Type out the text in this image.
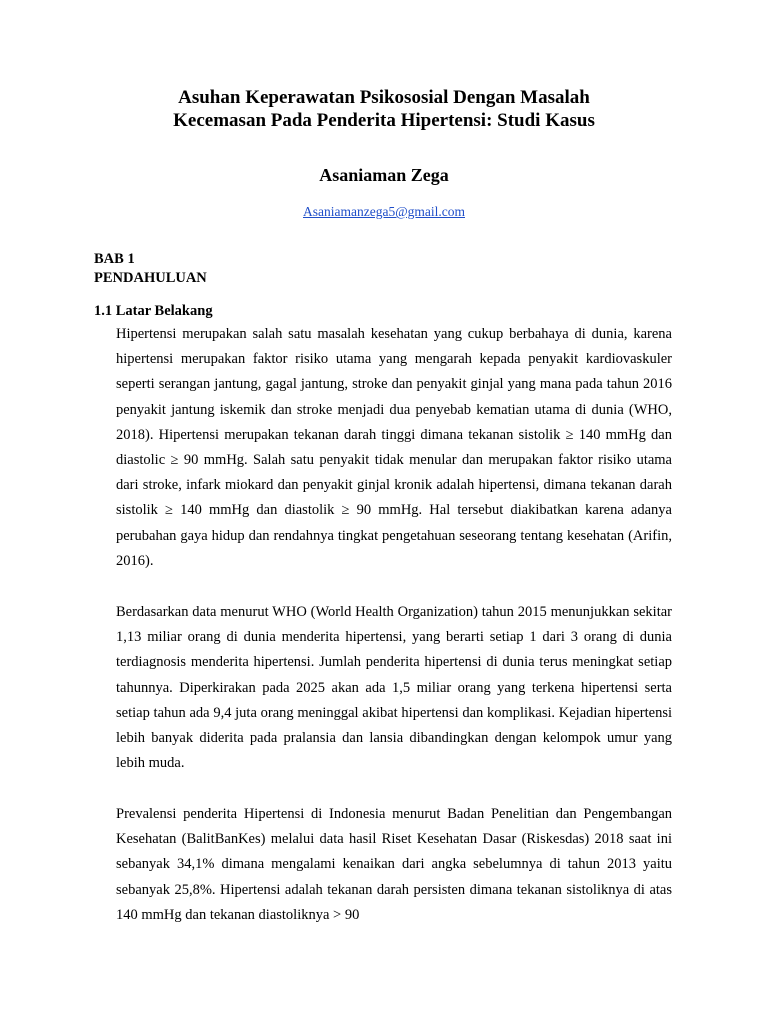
Asuhan Keperawatan Psikososial Dengan Masalah
Kecemasan Pada Penderita Hipertensi: Studi Kasus

Asaniaman Zega

Asaniamanzega5@gmail.com

BAB 1
PENDAHULUAN
1.1 Latar Belakang

Hipertensi merupakan salah satu masalah kesehatan yang cukup berbahaya di dunia, karena hipertensi merupakan faktor risiko utama yang mengarah kepada penyakit kardiovaskuler seperti serangan jantung, gagal jantung, stroke dan penyakit ginjal yang mana pada tahun 2016 penyakit jantung iskemik dan stroke menjadi dua penyebab kematian utama di dunia (WHO, 2018). Hipertensi merupakan tekanan darah tinggi dimana tekanan sistolik ≥ 140 mmHg dan diastolic ≥ 90 mmHg. Salah satu penyakit tidak menular dan merupakan faktor risiko utama dari stroke, infark miokard dan penyakit ginjal kronik adalah hipertensi, dimana tekanan darah sistolik ≥ 140 mmHg dan diastolik ≥ 90 mmHg. Hal tersebut diakibatkan karena adanya perubahan gaya hidup dan rendahnya tingkat pengetahuan seseorang tentang kesehatan (Arifin, 2016).

Berdasarkan data menurut WHO (World Health Organization) tahun 2015 menunjukkan sekitar 1,13 miliar orang di dunia menderita hipertensi, yang berarti setiap 1 dari 3 orang di dunia terdiagnosis menderita hipertensi. Jumlah penderita hipertensi di dunia terus meningkat setiap tahunnya. Diperkirakan pada 2025 akan ada 1,5 miliar orang yang terkena hipertensi serta setiap tahun ada 9,4 juta orang meninggal akibat hipertensi dan komplikasi. Kejadian hipertensi lebih banyak diderita pada pralansia dan lansia dibandingkan dengan kelompok umur yang lebih muda.

Prevalensi penderita Hipertensi di Indonesia menurut Badan Penelitian dan Pengembangan Kesehatan (BalitBanKes) melalui data hasil Riset Kesehatan Dasar (Riskesdas) 2018 saat ini sebanyak 34,1% dimana mengalami kenaikan dari angka sebelumnya di tahun 2013 yaitu sebanyak 25,8%. Hipertensi adalah tekanan darah persisten dimana tekanan sistoliknya di atas 140 mmHg dan tekanan diastoliknya > 90
